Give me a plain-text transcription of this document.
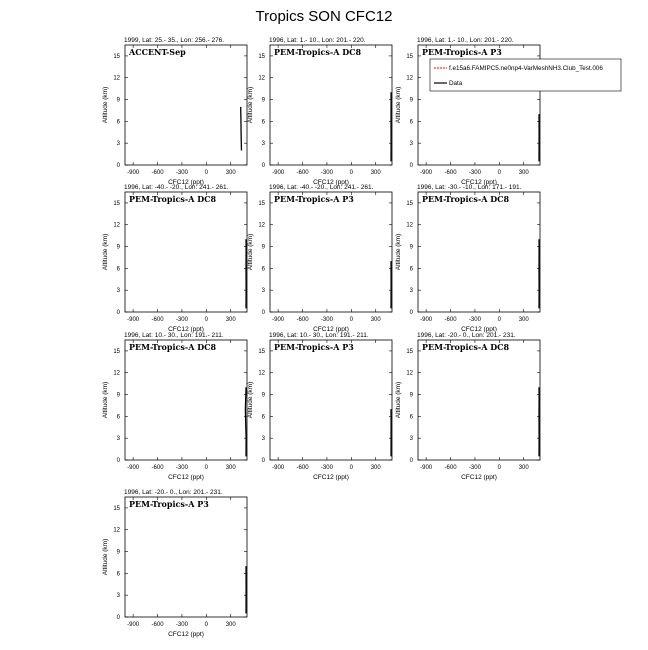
Tropics SON CFC12
1999, Lat: 25.- 35., Lon: 256.- 276.
ACCENT-Sep
-900 -600 -300	0	300
0
3
6
9
12
15
CFC12 (ppt)
Altitude (km)
1996, Lat: 1.- 10., Lon: 201.- 220.
PEM-Tropics-A DC8
-900 -600 -300	0	300
0
3
6
9
12
15
CFC12 (ppt)
Altitude (km)
1996, Lat: 1.- 10., Lon: 201.- 220.
PEM-Tropics-A P3
-900 -600 -300	0	300
0
3
6
9
12
15
CFC12 (ppt)
Altitude (km)
f.e15a6.FAMIPC5.ne0np4-VarMeshNH3.Club_Test.006
Data
1996, Lat: -40.- -20., Lon: 241.- 261.
PEM-Tropics-A DC8
-900 -600 -300	0	300
0
3
6
9
12
15
CFC12 (ppt)
Altitude (km)
1996, Lat: -40.- -20., Lon: 241.- 261.
PEM-Tropics-A P3
-900 -600 -300	0	300
0
3
6
9
12
15
CFC12 (ppt)
Altitude (km)
1996, Lat: -30.- -10., Lon: 171.- 191.
PEM-Tropics-A DC8
-900 -600 -300	0	300
0
3
6
9
12
15
CFC12 (ppt)
Altitude (km)
1996, Lat: 10.- 30., Lon: 191.- 211.
PEM-Tropics-A DC8
-900 -600 -300	0	300
0
3
6
9
12
15
CFC12 (ppt)
Altitude (km)
1996, Lat: 10.- 30., Lon: 191.- 211.
PEM-Tropics-A P3
-900 -600 -300	0	300
0
3
6
9
12
15
CFC12 (ppt)
Altitude (km)
1996, Lat: -20.- 0., Lon: 201.- 231.
PEM-Tropics-A DC8
-900 -600 -300	0	300
0
3
6
9
12
15
CFC12 (ppt)
Altitude (km)
1996, Lat: -20.- 0., Lon: 201.- 231.
PEM-Tropics-A P3
-900 -600 -300	0	300
0
3
6
9
12
15
CFC12 (ppt)
Altitude (km)
